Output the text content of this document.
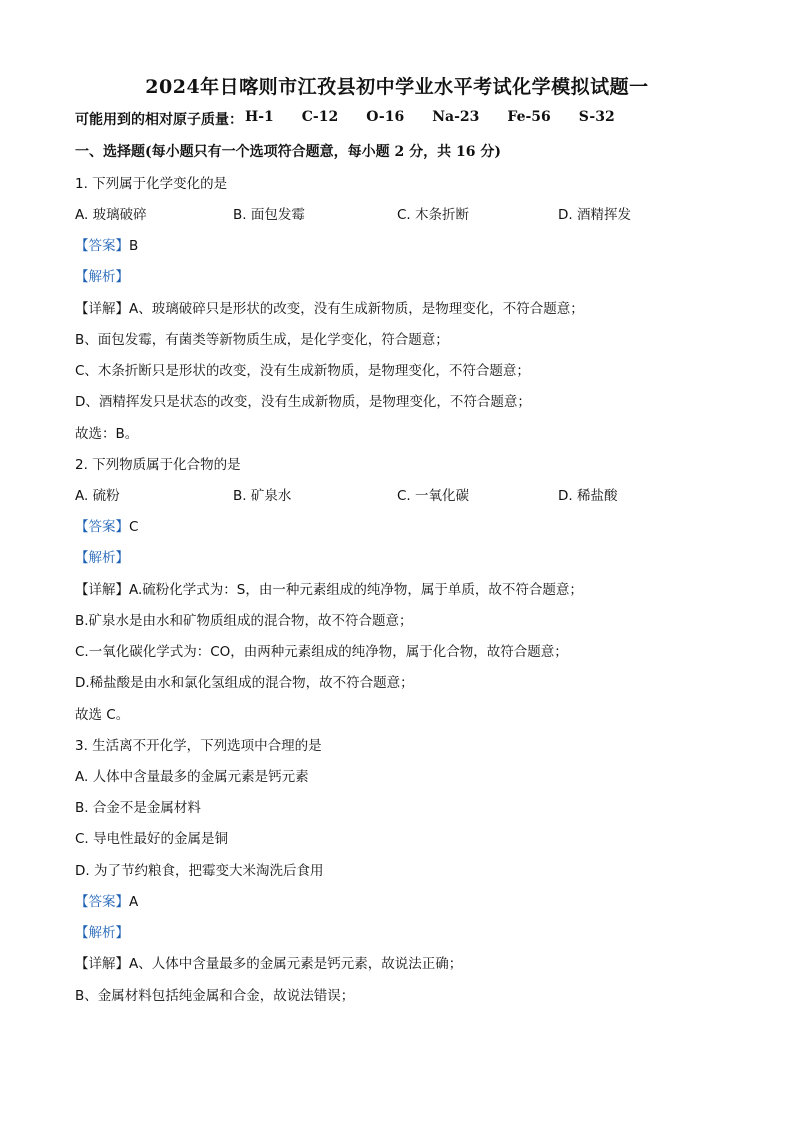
2024年日喀则市江孜县初中学业水平考试化学模拟试题一
可能用到的相对原子质量： H-1 C-12 O-16 Na-23 Fe-56 S-32
一、选择题(每小题只有一个选项符合题意，每小题 2 分，共 16 分)
1. 下列属于化学变化的是
A. 玻璃破碎	B. 面包发霉	C. 木条折断	D. 酒精挥发
【答案】B
【解析】
【详解】A、玻璃破碎只是形状的改变，没有生成新物质，是物理变化，不符合题意；
B、面包发霉，有菌类等新物质生成，是化学变化，符合题意；
C、木条折断只是形状的改变，没有生成新物质，是物理变化，不符合题意；
D、酒精挥发只是状态的改变，没有生成新物质，是物理变化，不符合题意；
故选：B。
2. 下列物质属于化合物的是
A. 硫粉	B. 矿泉水	C. 一氧化碳	D. 稀盐酸
【答案】C
【解析】
【详解】A.硫粉化学式为：S，由一种元素组成的纯净物，属于单质，故不符合题意；
B.矿泉水是由水和矿物质组成的混合物，故不符合题意；
C.一氧化碳化学式为：CO，由两种元素组成的纯净物，属于化合物，故符合题意；
D.稀盐酸是由水和氯化氢组成的混合物，故不符合题意；
故选 C。
3. 生活离不开化学，下列选项中合理的是
A. 人体中含量最多的金属元素是钙元素
B. 合金不是金属材料
C. 导电性最好的金属是铜
D. 为了节约粮食，把霉变大米淘洗后食用
【答案】A
【解析】
【详解】A、人体中含量最多的金属元素是钙元素，故说法正确；
B、金属材料包括纯金属和合金，故说法错误；
